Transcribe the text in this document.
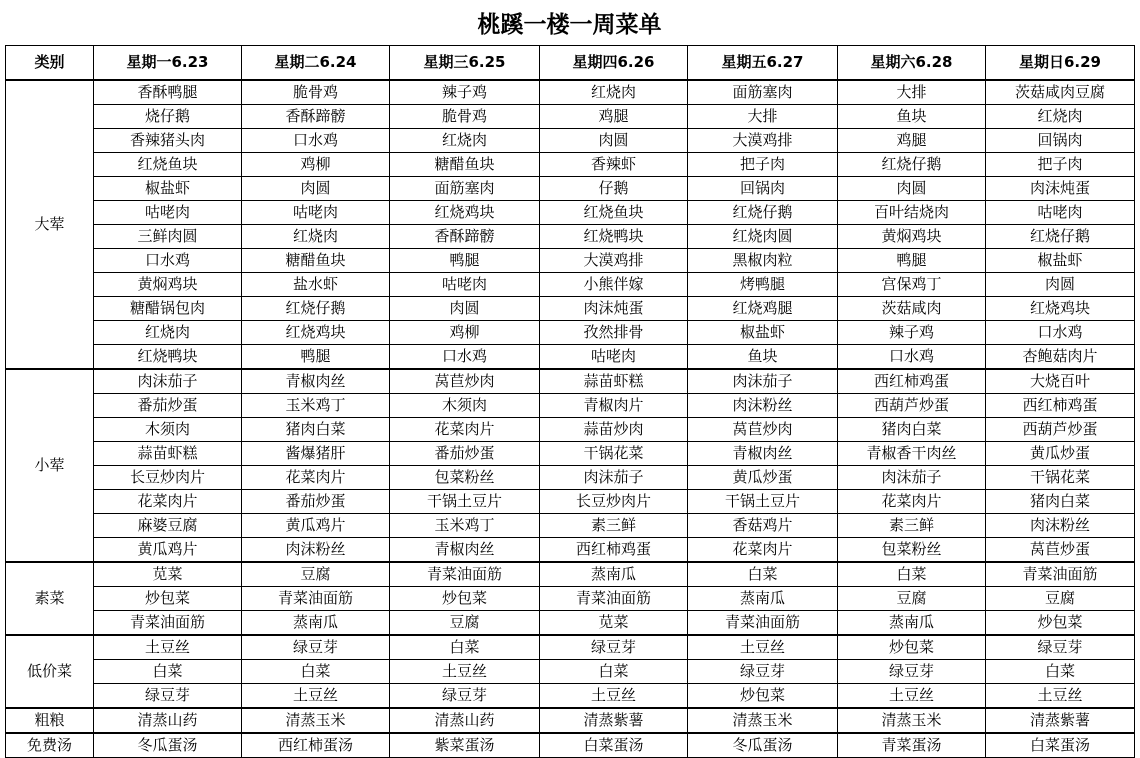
桃蹊一楼一周菜单
类别	星期一6.23	星期二6.24	星期三6.25	星期四6.26	星期五6.27	星期六6.28	星期日6.29
大荤	香酥鸭腿	脆骨鸡	辣子鸡	红烧肉	面筋塞肉	大排	茨菇咸肉豆腐
	烧仔鹅	香酥蹄髈	脆骨鸡	鸡腿	大排	鱼块	红烧肉
	香辣猪头肉	口水鸡	红烧肉	肉圆	大漠鸡排	鸡腿	回锅肉
	红烧鱼块	鸡柳	糖醋鱼块	香辣虾	把子肉	红烧仔鹅	把子肉
	椒盐虾	肉圆	面筋塞肉	仔鹅	回锅肉	肉圆	肉沫炖蛋
	咕咾肉	咕咾肉	红烧鸡块	红烧鱼块	红烧仔鹅	百叶结烧肉	咕咾肉
	三鲜肉圆	红烧肉	香酥蹄髈	红烧鸭块	红烧肉圆	黄焖鸡块	红烧仔鹅
	口水鸡	糖醋鱼块	鸭腿	大漠鸡排	黑椒肉粒	鸭腿	椒盐虾
	黄焖鸡块	盐水虾	咕咾肉	小熊伴嫁	烤鸭腿	宫保鸡丁	肉圆
	糖醋锅包肉	红烧仔鹅	肉圆	肉沫炖蛋	红烧鸡腿	茨菇咸肉	红烧鸡块
	红烧肉	红烧鸡块	鸡柳	孜然排骨	椒盐虾	辣子鸡	口水鸡
	红烧鸭块	鸭腿	口水鸡	咕咾肉	鱼块	口水鸡	杏鲍菇肉片
小荤	肉沫茄子	青椒肉丝	莴苣炒肉	蒜苗虾糕	肉沫茄子	西红柿鸡蛋	大烧百叶
	番茄炒蛋	玉米鸡丁	木须肉	青椒肉片	肉沫粉丝	西葫芦炒蛋	西红柿鸡蛋
	木须肉	猪肉白菜	花菜肉片	蒜苗炒肉	莴苣炒肉	猪肉白菜	西葫芦炒蛋
	蒜苗虾糕	酱爆猪肝	番茄炒蛋	干锅花菜	青椒肉丝	青椒香干肉丝	黄瓜炒蛋
	长豆炒肉片	花菜肉片	包菜粉丝	肉沫茄子	黄瓜炒蛋	肉沫茄子	干锅花菜
	花菜肉片	番茄炒蛋	干锅土豆片	长豆炒肉片	干锅土豆片	花菜肉片	猪肉白菜
	麻婆豆腐	黄瓜鸡片	玉米鸡丁	素三鲜	香菇鸡片	素三鲜	肉沫粉丝
	黄瓜鸡片	肉沫粉丝	青椒肉丝	西红柿鸡蛋	花菜肉片	包菜粉丝	莴苣炒蛋
素菜	苋菜	豆腐	青菜油面筋	蒸南瓜	白菜	白菜	青菜油面筋
	炒包菜	青菜油面筋	炒包菜	青菜油面筋	蒸南瓜	豆腐	豆腐
	青菜油面筋	蒸南瓜	豆腐	苋菜	青菜油面筋	蒸南瓜	炒包菜
低价菜	土豆丝	绿豆芽	白菜	绿豆芽	土豆丝	炒包菜	绿豆芽
	白菜	白菜	土豆丝	白菜	绿豆芽	绿豆芽	白菜
	绿豆芽	土豆丝	绿豆芽	土豆丝	炒包菜	土豆丝	土豆丝
粗粮	清蒸山药	清蒸玉米	清蒸山药	清蒸紫薯	清蒸玉米	清蒸玉米	清蒸紫薯
免费汤	冬瓜蛋汤	西红柿蛋汤	紫菜蛋汤	白菜蛋汤	冬瓜蛋汤	青菜蛋汤	白菜蛋汤
